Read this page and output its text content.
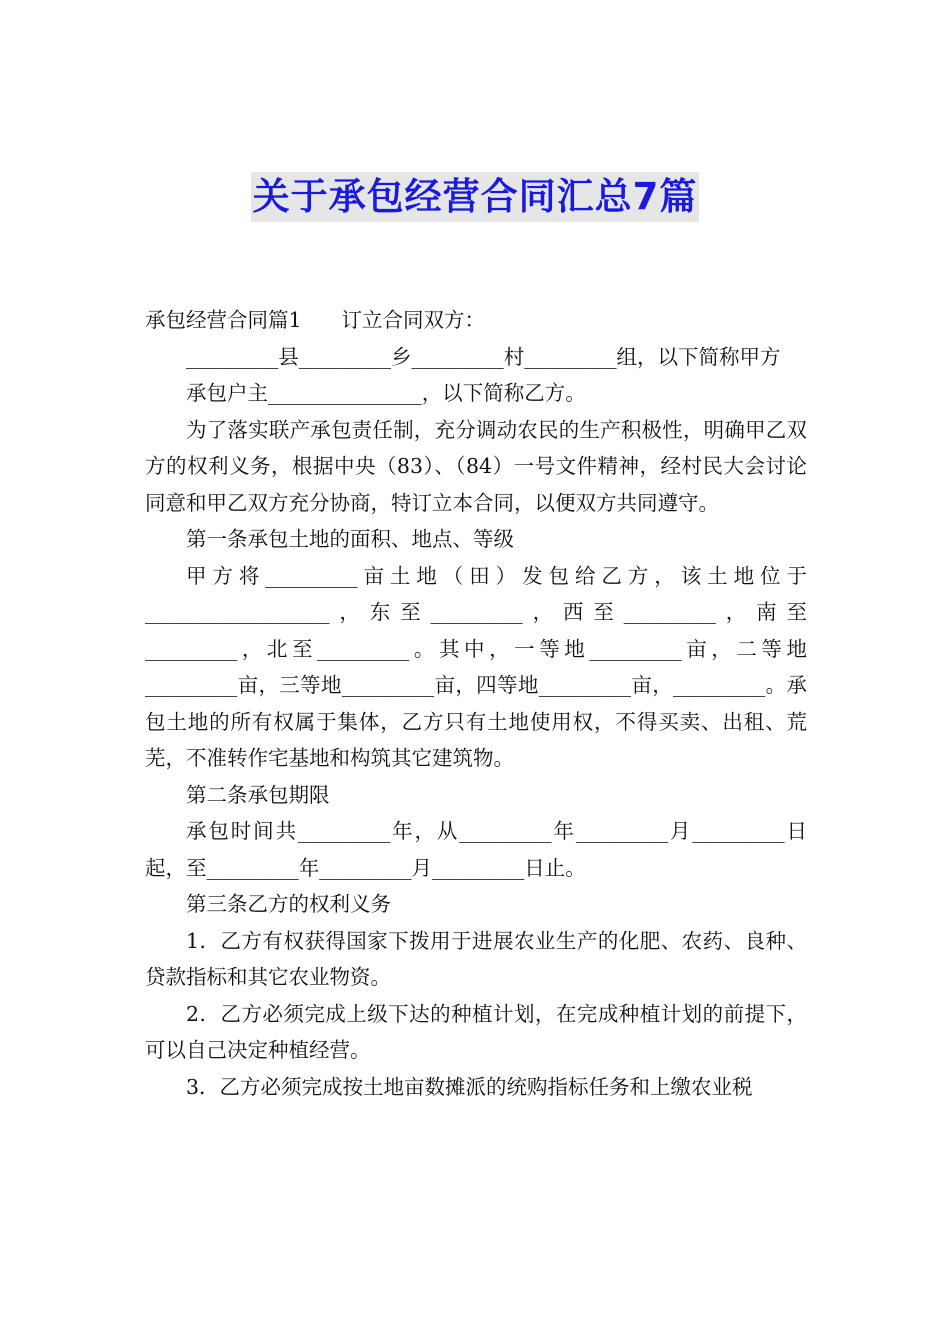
关于承包经营合同汇总7篇

承包经营合同篇1 订立合同双方：

_________县_________乡_________村_________组，以下简称甲方

承包户主_______________，以下简称乙方。

为了落实联产承包责任制，充分调动农民的生产积极性，明确甲乙双方的权利义务，根据中央（83）、（84）一号文件精神，经村民大会讨论同意和甲乙双方充分协商，特订立本合同，以便双方共同遵守。

第一条承包土地的面积、地点、等级

甲方将_________亩土地（田）发包给乙方，该土地位于__________________，东至_________，西至_________，南至_________，北至_________。其中，一等地_________亩，二等地_________亩，三等地_________亩，四等地_________亩，_________。承包土地的所有权属于集体，乙方只有土地使用权，不得买卖、出租、荒芜，不准转作宅基地和构筑其它建筑物。

第二条承包期限

承包时间共_________年，从_________年_________月_________日起，至_________年_________月_________日止。

第三条乙方的权利义务

1．乙方有权获得国家下拨用于进展农业生产的化肥、农药、良种、贷款指标和其它农业物资。

2．乙方必须完成上级下达的种植计划，在完成种植计划的前提下，可以自己决定种植经营。

3．乙方必须完成按土地亩数摊派的统购指标任务和上缴农业税
